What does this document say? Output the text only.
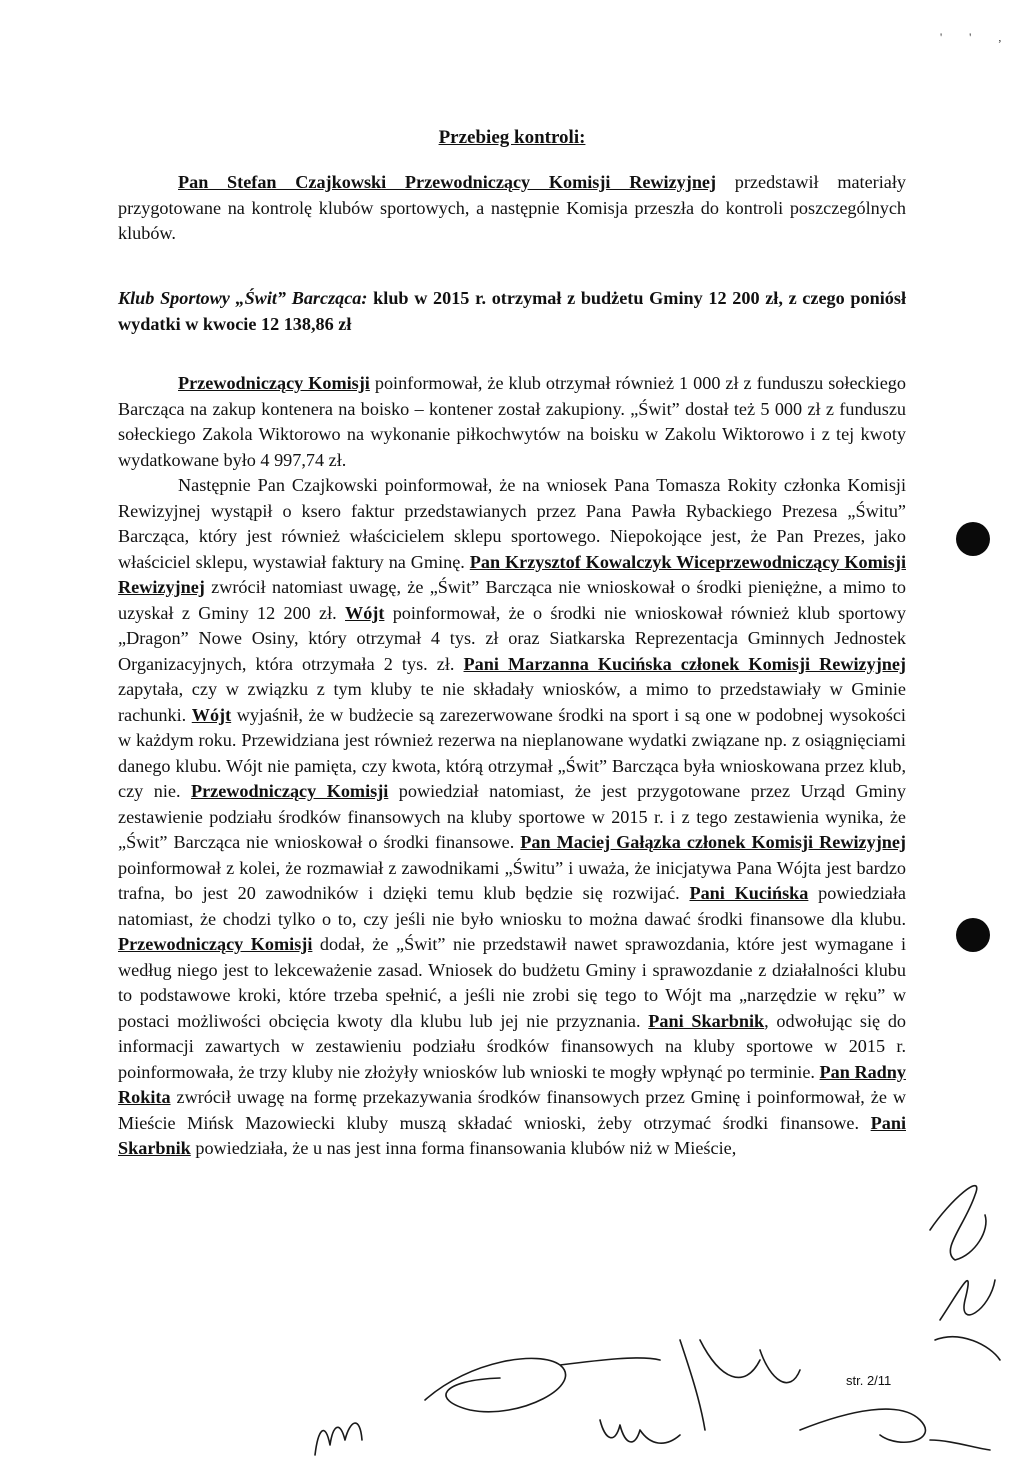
' ' ,
Przebieg kontroli:
Pan Stefan Czajkowski Przewodniczący Komisji Rewizyjnej przedstawił materiały przygotowane na kontrolę klubów sportowych, a następnie Komisja przeszła do kontroli poszczególnych klubów.
Klub Sportowy „Świt” Barcząca: klub w 2015 r. otrzymał z budżetu Gminy 12 200 zł, z czego poniósł wydatki w kwocie 12 138,86 zł
Przewodniczący Komisji poinformował, że klub otrzymał również 1 000 zł z funduszu sołeckiego Barcząca na zakup kontenera na boisko – kontener został zakupiony. „Świt” dostał też 5 000 zł z funduszu sołeckiego Zakola Wiktorowo na wykonanie piłkochwytów na boisku w Zakolu Wiktorowo i z tej kwoty wydatkowane było 4 997,74 zł.
Następnie Pan Czajkowski poinformował, że na wniosek Pana Tomasza Rokity członka Komisji Rewizyjnej wystąpił o ksero faktur przedstawianych przez Pana Pawła Rybackiego Prezesa „Świtu” Barcząca, który jest również właścicielem sklepu sportowego. Niepokojące jest, że Pan Prezes, jako właściciel sklepu, wystawiał faktury na Gminę. Pan Krzysztof Kowalczyk Wiceprzewodniczący Komisji Rewizyjnej zwrócił natomiast uwagę, że „Świt” Barcząca nie wnioskował o środki pieniężne, a mimo to uzyskał z Gminy 12 200 zł. Wójt poinformował, że o środki nie wnioskował również klub sportowy „Dragon” Nowe Osiny, który otrzymał 4 tys. zł oraz Siatkarska Reprezentacja Gminnych Jednostek Organizacyjnych, która otrzymała 2 tys. zł. Pani Marzanna Kucińska członek Komisji Rewizyjnej zapytała, czy w związku z tym kluby te nie składały wniosków, a mimo to przedstawiały w Gminie rachunki. Wójt wyjaśnił, że w budżecie są zarezerwowane środki na sport i są one w podobnej wysokości w każdym roku. Przewidziana jest również rezerwa na nieplanowane wydatki związane np. z osiągnięciami danego klubu. Wójt nie pamięta, czy kwota, którą otrzymał „Świt” Barcząca była wnioskowana przez klub, czy nie. Przewodniczący Komisji powiedział natomiast, że jest przygotowane przez Urząd Gminy zestawienie podziału środków finansowych na kluby sportowe w 2015 r. i z tego zestawienia wynika, że „Świt” Barcząca nie wnioskował o środki finansowe. Pan Maciej Gałązka członek Komisji Rewizyjnej poinformował z kolei, że rozmawiał z zawodnikami „Świtu” i uważa, że inicjatywa Pana Wójta jest bardzo trafna, bo jest 20 zawodników i dzięki temu klub będzie się rozwijać. Pani Kucińska powiedziała natomiast, że chodzi tylko o to, czy jeśli nie było wniosku to można dawać środki finansowe dla klubu. Przewodniczący Komisji dodał, że „Świt” nie przedstawił nawet sprawozdania, które jest wymagane i według niego jest to lekceważenie zasad. Wniosek do budżetu Gminy i sprawozdanie z działalności klubu to podstawowe kroki, które trzeba spełnić, a jeśli nie zrobi się tego to Wójt ma „narzędzie w ręku” w postaci możliwości obcięcia kwoty dla klubu lub jej nie przyznania. Pani Skarbnik, odwołując się do informacji zawartych w zestawieniu podziału środków finansowych na kluby sportowe w 2015 r. poinformowała, że trzy kluby nie złożyły wniosków lub wnioski te mogły wpłynąć po terminie. Pan Radny Rokita zwrócił uwagę na formę przekazywania środków finansowych przez Gminę i poinformował, że w Mieście Mińsk Mazowiecki kluby muszą składać wnioski, żeby otrzymać środki finansowe. Pani Skarbnik powiedziała, że u nas jest inna forma finansowania klubów niż w Mieście,
str. 2/11
